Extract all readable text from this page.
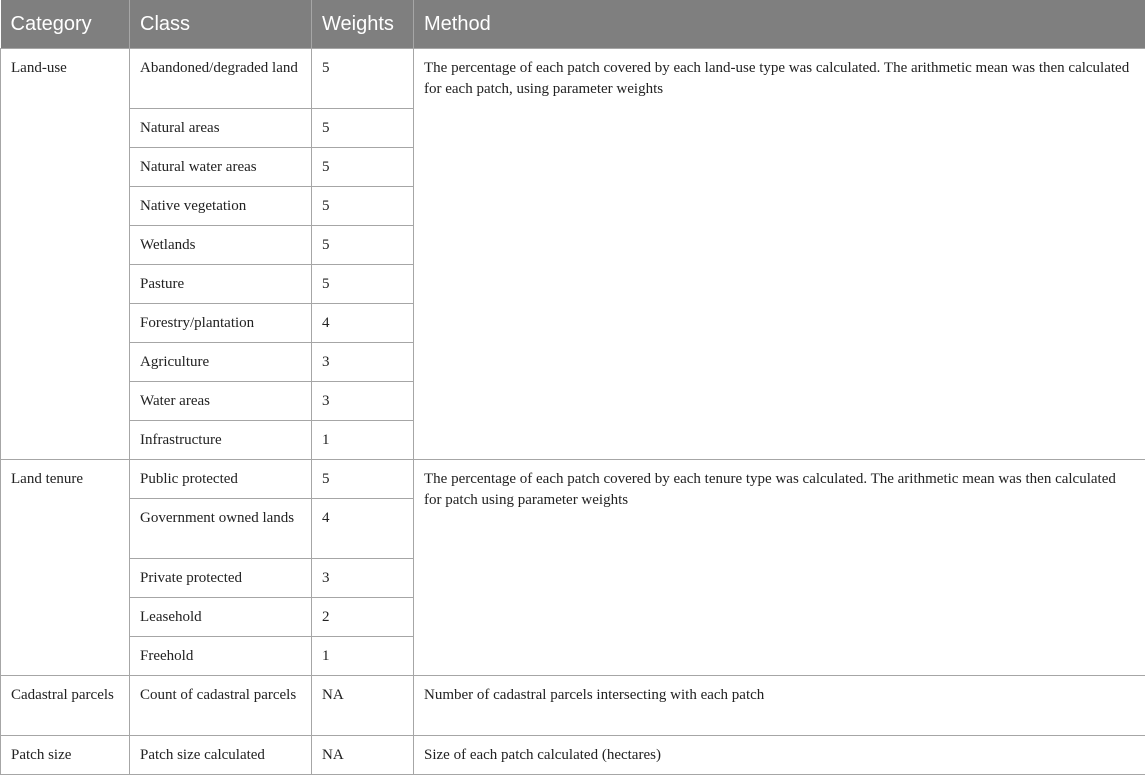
Category	Class	Weights	Method
Land-use	Abandoned/degraded land	5	The percentage of each patch covered by each land-use type was calculated. The arithmetic mean was then calculated for each patch, using parameter weights
	Natural areas	5	
	Natural water areas	5	
	Native vegetation	5	
	Wetlands	5	
	Pasture	5	
	Forestry/plantation	4	
	Agriculture	3	
	Water areas	3	
	Infrastructure	1	
Land tenure	Public protected	5	The percentage of each patch covered by each tenure type was calculated. The arithmetic mean was then calculated for patch using parameter weights
	Government owned lands	4	
	Private protected	3	
	Leasehold	2	
	Freehold	1	
Cadastral parcels	Count of cadastral parcels	NA	Number of cadastral parcels intersecting with each patch
Patch size	Patch size calculated	NA	Size of each patch calculated (hectares)
